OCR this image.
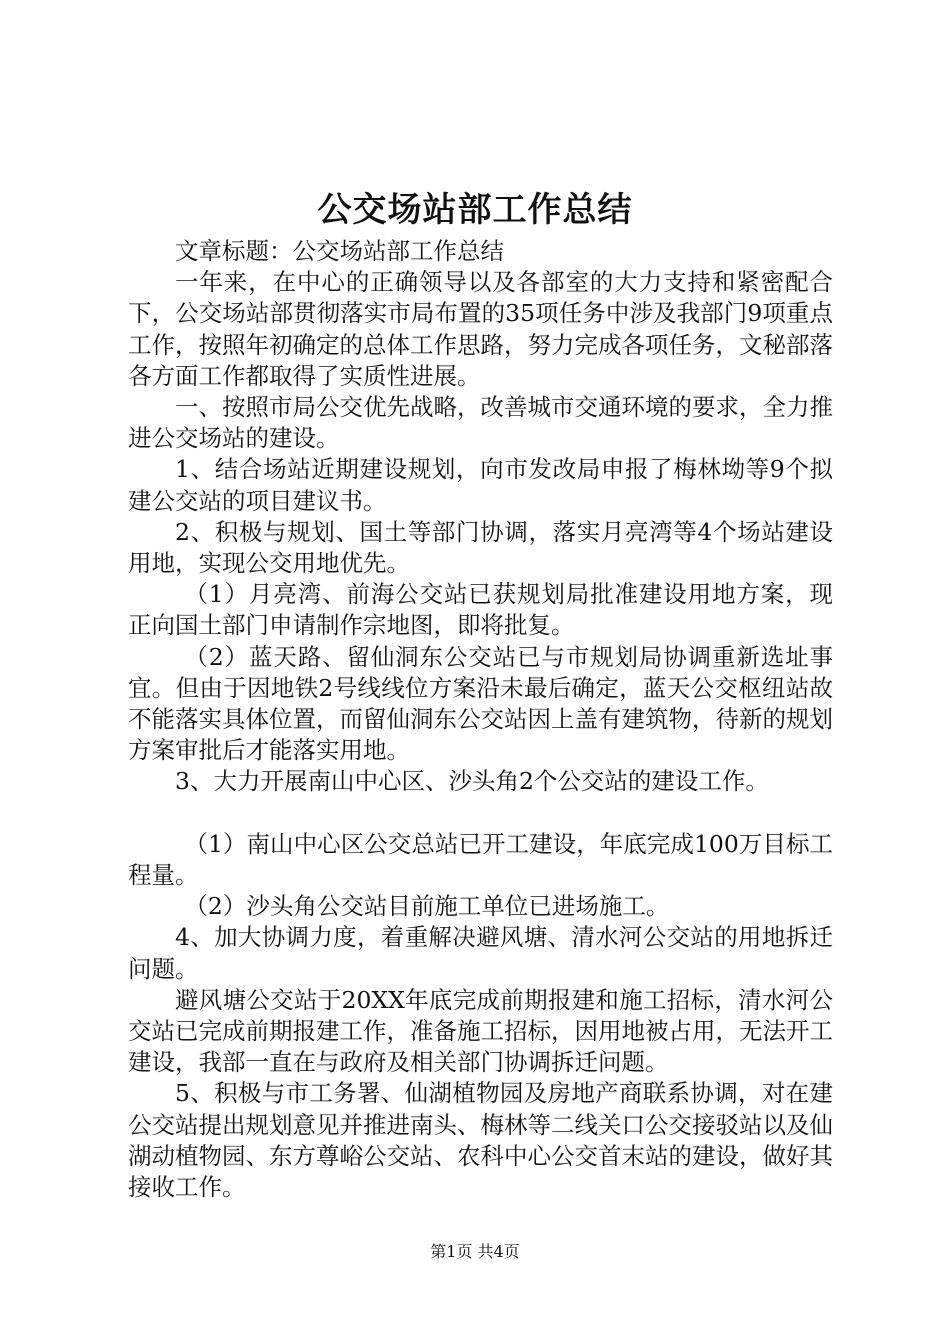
公交场站部工作总结

文章标题：公交场站部工作总结

一年来，在中心的正确领导以及各部室的大力支持和紧密配合下，公交场站部贯彻落实市局布置的35项任务中涉及我部门9项重点工作，按照年初确定的总体工作思路，努力完成各项任务，文秘部落各方面工作都取得了实质性进展。

一、按照市局公交优先战略，改善城市交通环境的要求，全力推进公交场站的建设。

1、结合场站近期建设规划，向市发改局申报了梅林坳等9个拟建公交站的项目建议书。

2、积极与规划、国土等部门协调，落实月亮湾等4个场站建设用地，实现公交用地优先。

（1）月亮湾、前海公交站已获规划局批准建设用地方案，现正向国土部门申请制作宗地图，即将批复。

（2）蓝天路、留仙洞东公交站已与市规划局协调重新选址事宜。但由于因地铁2号线线位方案沿未最后确定，蓝天公交枢纽站故不能落实具体位置，而留仙洞东公交站因上盖有建筑物，待新的规划方案审批后才能落实用地。

3、大力开展南山中心区、沙头角2个公交站的建设工作。

（1）南山中心区公交总站已开工建设，年底完成100万目标工程量。

（2）沙头角公交站目前施工单位已进场施工。

4、加大协调力度，着重解决避风塘、清水河公交站的用地拆迁问题。

避风塘公交站于20XX年底完成前期报建和施工招标，清水河公交站已完成前期报建工作，准备施工招标，因用地被占用，无法开工建设，我部一直在与政府及相关部门协调拆迁问题。

5、积极与市工务署、仙湖植物园及房地产商联系协调，对在建公交站提出规划意见并推进南头、梅林等二线关口公交接驳站以及仙湖动植物园、东方尊峪公交站、农科中心公交首末站的建设，做好其接收工作。

第1页 共4页
